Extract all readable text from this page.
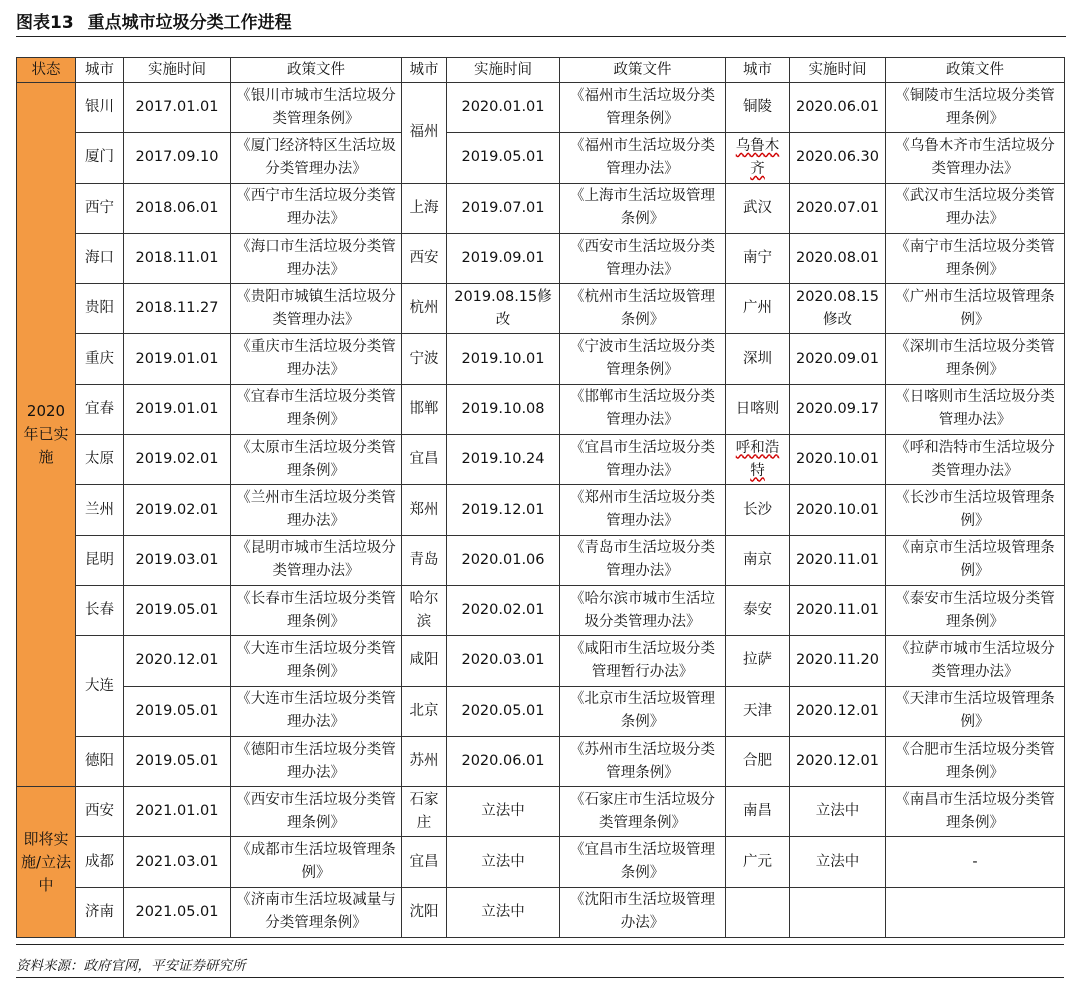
图表13 重点城市垃圾分类工作进程
状态	城市	实施时间	政策文件	城市	实施时间	政策文件	城市	实施时间	政策文件
2020年已实施	银川	2017.01.01	《银川市城市生活垃圾分类管理条例》	福州	2020.01.01	《福州市生活垃圾分类管理条例》	铜陵	2020.06.01	《铜陵市生活垃圾分类管理条例》
	厦门	2017.09.10	《厦门经济特区生活垃圾分类管理办法》		2019.05.01	《福州市生活垃圾分类管理办法》	乌鲁木齐	2020.06.30	《乌鲁木齐市生活垃圾分类管理办法》
	西宁	2018.06.01	《西宁市生活垃圾分类管理办法》	上海	2019.07.01	《上海市生活垃圾管理条例》	武汉	2020.07.01	《武汉市生活垃圾分类管理办法》
	海口	2018.11.01	《海口市生活垃圾分类管理办法》	西安	2019.09.01	《西安市生活垃圾分类管理办法》	南宁	2020.08.01	《南宁市生活垃圾分类管理条例》
	贵阳	2018.11.27	《贵阳市城镇生活垃圾分类管理办法》	杭州	2019.08.15修改	《杭州市生活垃圾管理条例》	广州	2020.08.15修改	《广州市生活垃圾管理条例》
	重庆	2019.01.01	《重庆市生活垃圾分类管理办法》	宁波	2019.10.01	《宁波市生活垃圾分类管理条例》	深圳	2020.09.01	《深圳市生活垃圾分类管理条例》
	宜春	2019.01.01	《宜春市生活垃圾分类管理条例》	邯郸	2019.10.08	《邯郸市生活垃圾分类管理办法》	日喀则	2020.09.17	《日喀则市生活垃圾分类管理办法》
	太原	2019.02.01	《太原市生活垃圾分类管理条例》	宜昌	2019.10.24	《宜昌市生活垃圾分类管理办法》	呼和浩特	2020.10.01	《呼和浩特市生活垃圾分类管理办法》
	兰州	2019.02.01	《兰州市生活垃圾分类管理办法》	郑州	2019.12.01	《郑州市生活垃圾分类管理办法》	长沙	2020.10.01	《长沙市生活垃圾管理条例》
	昆明	2019.03.01	《昆明市城市生活垃圾分类管理办法》	青岛	2020.01.06	《青岛市生活垃圾分类管理办法》	南京	2020.11.01	《南京市生活垃圾管理条例》
	长春	2019.05.01	《长春市生活垃圾分类管理条例》	哈尔滨	2020.02.01	《哈尔滨市城市生活垃圾分类管理办法》	泰安	2020.11.01	《泰安市生活垃圾分类管理条例》
	大连	2020.12.01	《大连市生活垃圾分类管理条例》	咸阳	2020.03.01	《咸阳市生活垃圾分类管理暂行办法》	拉萨	2020.11.20	《拉萨市城市生活垃圾分类管理办法》
		2019.05.01	《大连市生活垃圾分类管理办法》	北京	2020.05.01	《北京市生活垃圾管理条例》	天津	2020.12.01	《天津市生活垃圾管理条例》
	德阳	2019.05.01	《德阳市生活垃圾分类管理办法》	苏州	2020.06.01	《苏州市生活垃圾分类管理条例》	合肥	2020.12.01	《合肥市生活垃圾分类管理条例》
即将实施/立法中	西安	2021.01.01	《西安市生活垃圾分类管理条例》	石家庄	立法中	《石家庄市生活垃圾分类管理条例》	南昌	立法中	《南昌市生活垃圾分类管理条例》
	成都	2021.03.01	《成都市生活垃圾管理条例》	宜昌	立法中	《宜昌市生活垃圾管理条例》	广元	立法中	-
	济南	2021.05.01	《济南市生活垃圾减量与分类管理条例》	沈阳	立法中	《沈阳市生活垃圾管理办法》			
资料来源：政府官网，平安证券研究所
